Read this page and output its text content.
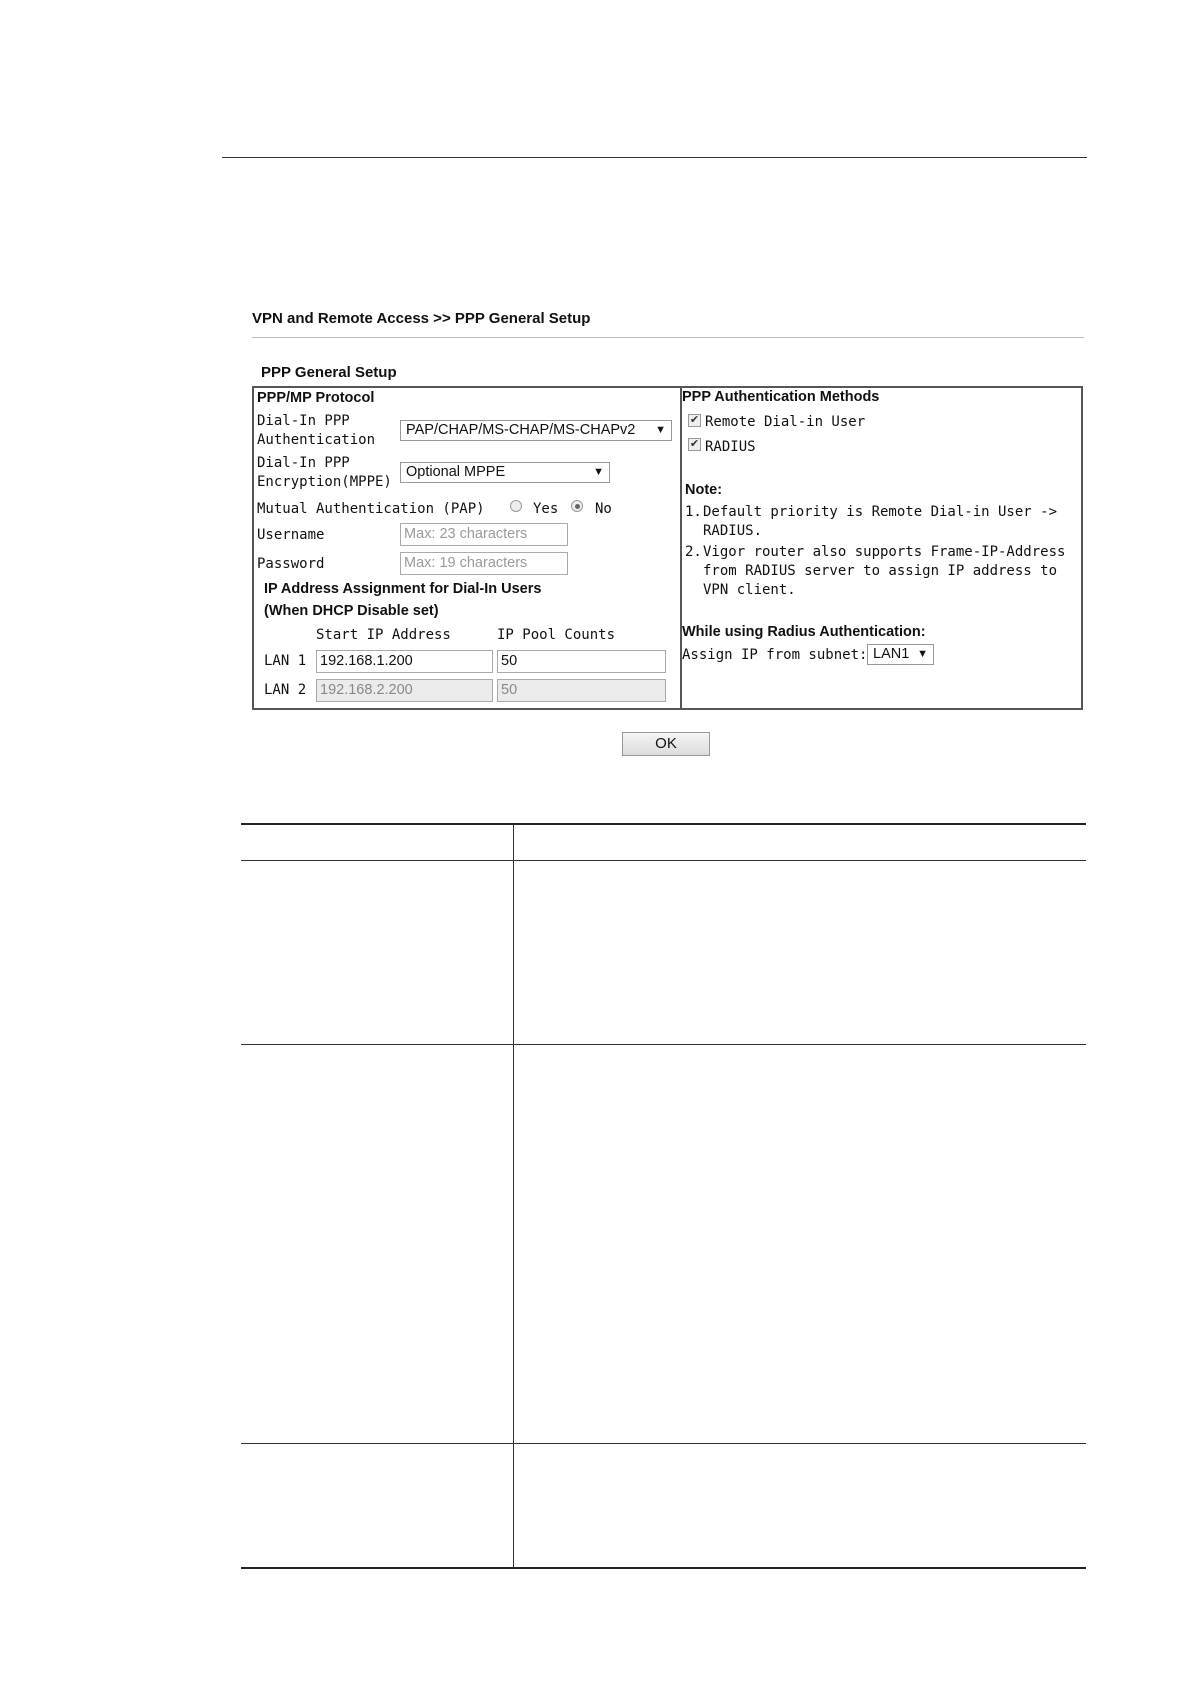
VPN and Remote Access >> PPP General Setup
PPP General Setup
PPP/MP Protocol
Dial-In PPP
Authentication
PAP/CHAP/MS-CHAP/MS-CHAPv2 ▼
Dial-In PPP
Encryption(MPPE)
Optional MPPE	▼
Mutual Authentication (PAP)	Yes	No
Username	Max: 23 characters
Password	Max: 19 characters
IP Address Assignment for Dial-In Users
(When DHCP Disable set)
Start IP Address	IP Pool Counts
LAN 1 192.168.1.200	50
LAN 2 192.168.2.200	50
PPP Authentication Methods
✔ Remote Dial-in User
✔ RADIUS
Note:
1. Default priority is Remote Dial-in User ->
RADIUS.
2. Vigor router also supports Frame-IP-Address
from RADIUS server to assign IP address to
VPN client.
While using Radius Authentication:
Assign IP from subnet: LAN1 ▼
OK
